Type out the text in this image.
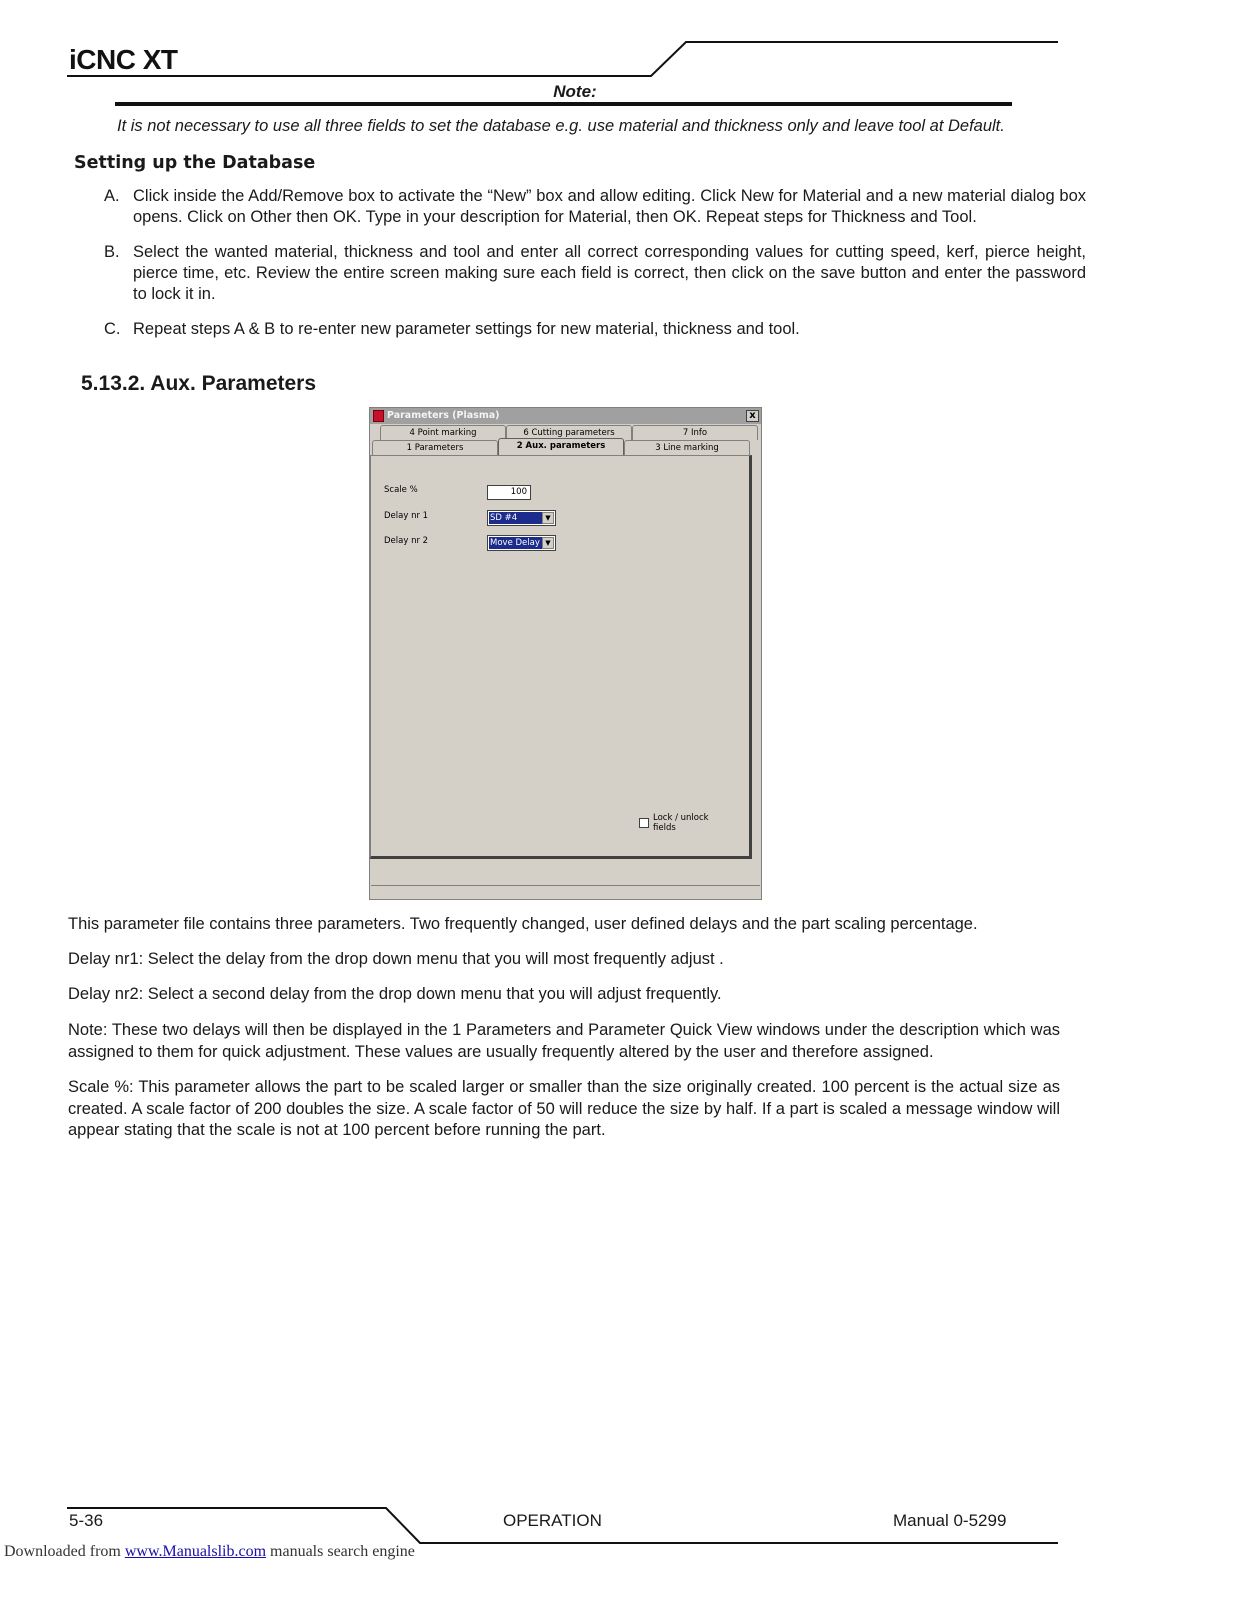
iCNC XT
Note:
It is not necessary to use all three fields to set the database e.g. use material and thickness only and leave tool at Default.
Setting up the Database
A. Click inside the Add/Remove box to activate the “New” box and allow editing. Click New for Material and a new material dialog box opens. Click on Other then OK. Type in your description for Material, then OK. Repeat steps for Thickness and Tool.
B. Select the wanted material, thickness and tool and enter all correct corresponding values for cutting speed, kerf, pierce height, pierce time, etc. Review the entire screen making sure each field is correct, then click on the save button and enter the password to lock it in.
C. Repeat steps A & B to re-enter new parameter settings for new material, thickness and tool.
5.13.2. Aux. Parameters
Parameters (Plasma)	x
4 Point marking	6 Cutting parameters	7 Info
1 Parameters	2 Aux. parameters	3 Line marking
Scale %	100
Delay nr 1	SD #4	▼
Delay nr 2	Move Delay ▼
Lock / unlock fields
This parameter file contains three parameters. Two frequently changed, user defined delays and the part scaling percentage.
Delay nr1: Select the delay from the drop down menu that you will most frequently adjust .
Delay nr2: Select a second delay from the drop down menu that you will adjust frequently.
Note: These two delays will then be displayed in the 1 Parameters and Parameter Quick View windows under the description which was assigned to them for quick adjustment. These values are usually frequently altered by the user and therefore assigned.
Scale %: This parameter allows the part to be scaled larger or smaller than the size originally created. 100 percent is the actual size as created. A scale factor of 200 doubles the size. A scale factor of 50 will reduce the size by half. If a part is scaled a message window will appear stating that the scale is not at 100 percent before running the part.
5-36	OPERATION	Manual 0-5299
Downloaded from www.Manualslib.com manuals search engine
